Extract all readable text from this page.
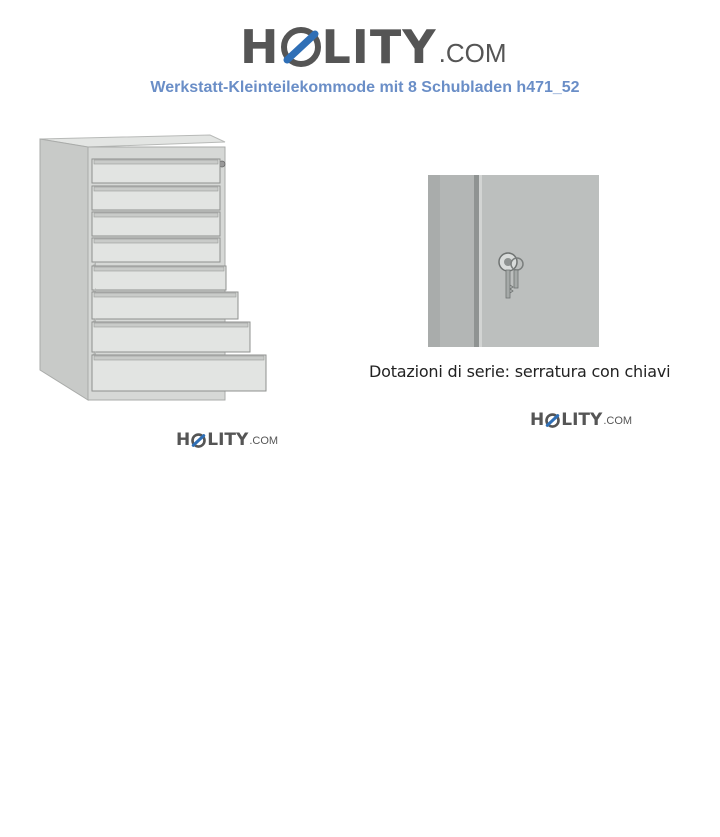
H LITY .COM
Werkstatt-Kleinteilekommode mit 8 Schubladen h471_52
H LITY .COM
Dotazioni di serie: serratura con chiavi
H LITY .COM
